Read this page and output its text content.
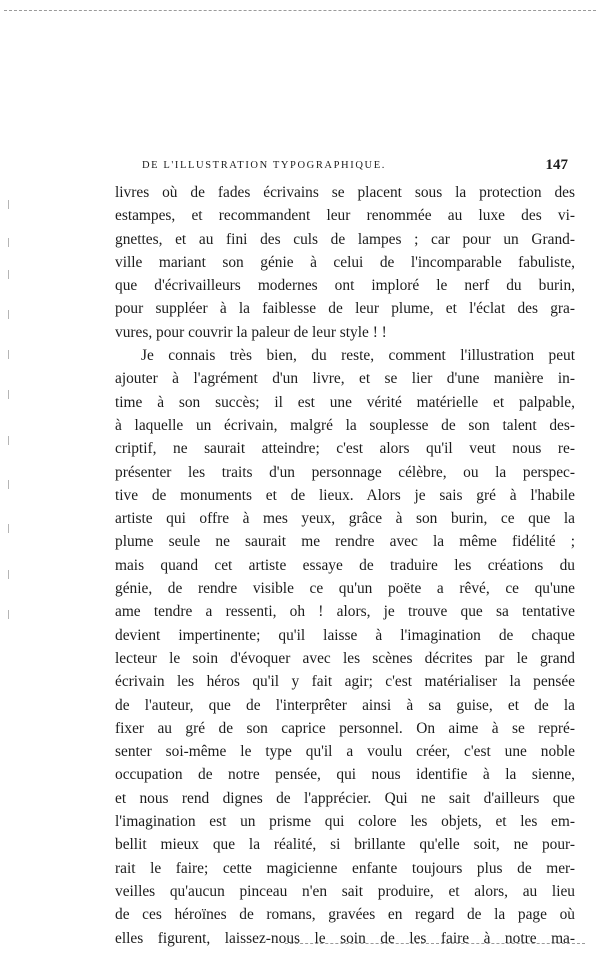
DE L'ILLUSTRATION TYPOGRAPHIQUE.	147
livres où de fades écrivains se placent sous la protection des
estampes, et recommandent leur renommée au luxe des vi-
gnettes, et au fini des culs de lampes ; car pour un Grand-
ville mariant son génie à celui de l'incomparable fabuliste,
que d'écrivailleurs modernes ont imploré le nerf du burin,
pour suppléer à la faiblesse de leur plume, et l'éclat des gra-
vures, pour couvrir la paleur de leur style ! !
Je connais très bien, du reste, comment l'illustration peut
ajouter à l'agrément d'un livre, et se lier d'une manière in-
time à son succès; il est une vérité matérielle et palpable,
à laquelle un écrivain, malgré la souplesse de son talent des-
criptif, ne saurait atteindre; c'est alors qu'il veut nous re-
présenter les traits d'un personnage célèbre, ou la perspec-
tive de monuments et de lieux. Alors je sais gré à l'habile
artiste qui offre à mes yeux, grâce à son burin, ce que la
plume seule ne saurait me rendre avec la même fidélité ;
mais quand cet artiste essaye de traduire les créations du
génie, de rendre visible ce qu'un poëte a rêvé, ce qu'une
ame tendre a ressenti, oh ! alors, je trouve que sa tentative
devient impertinente; qu'il laisse à l'imagination de chaque
lecteur le soin d'évoquer avec les scènes décrites par le grand
écrivain les héros qu'il y fait agir; c'est matérialiser la pensée
de l'auteur, que de l'interprêter ainsi à sa guise, et de la
fixer au gré de son caprice personnel. On aime à se repré-
senter soi-même le type qu'il a voulu créer, c'est une noble
occupation de notre pensée, qui nous identifie à la sienne,
et nous rend dignes de l'apprécier. Qui ne sait d'ailleurs que
l'imagination est un prisme qui colore les objets, et les em-
bellit mieux que la réalité, si brillante qu'elle soit, ne pour-
rait le faire; cette magicienne enfante toujours plus de mer-
veilles qu'aucun pinceau n'en sait produire, et alors, au lieu
de ces héroïnes de romans, gravées en regard de la page où
elles figurent, laissez-nous le soin de les faire à notre ma-
